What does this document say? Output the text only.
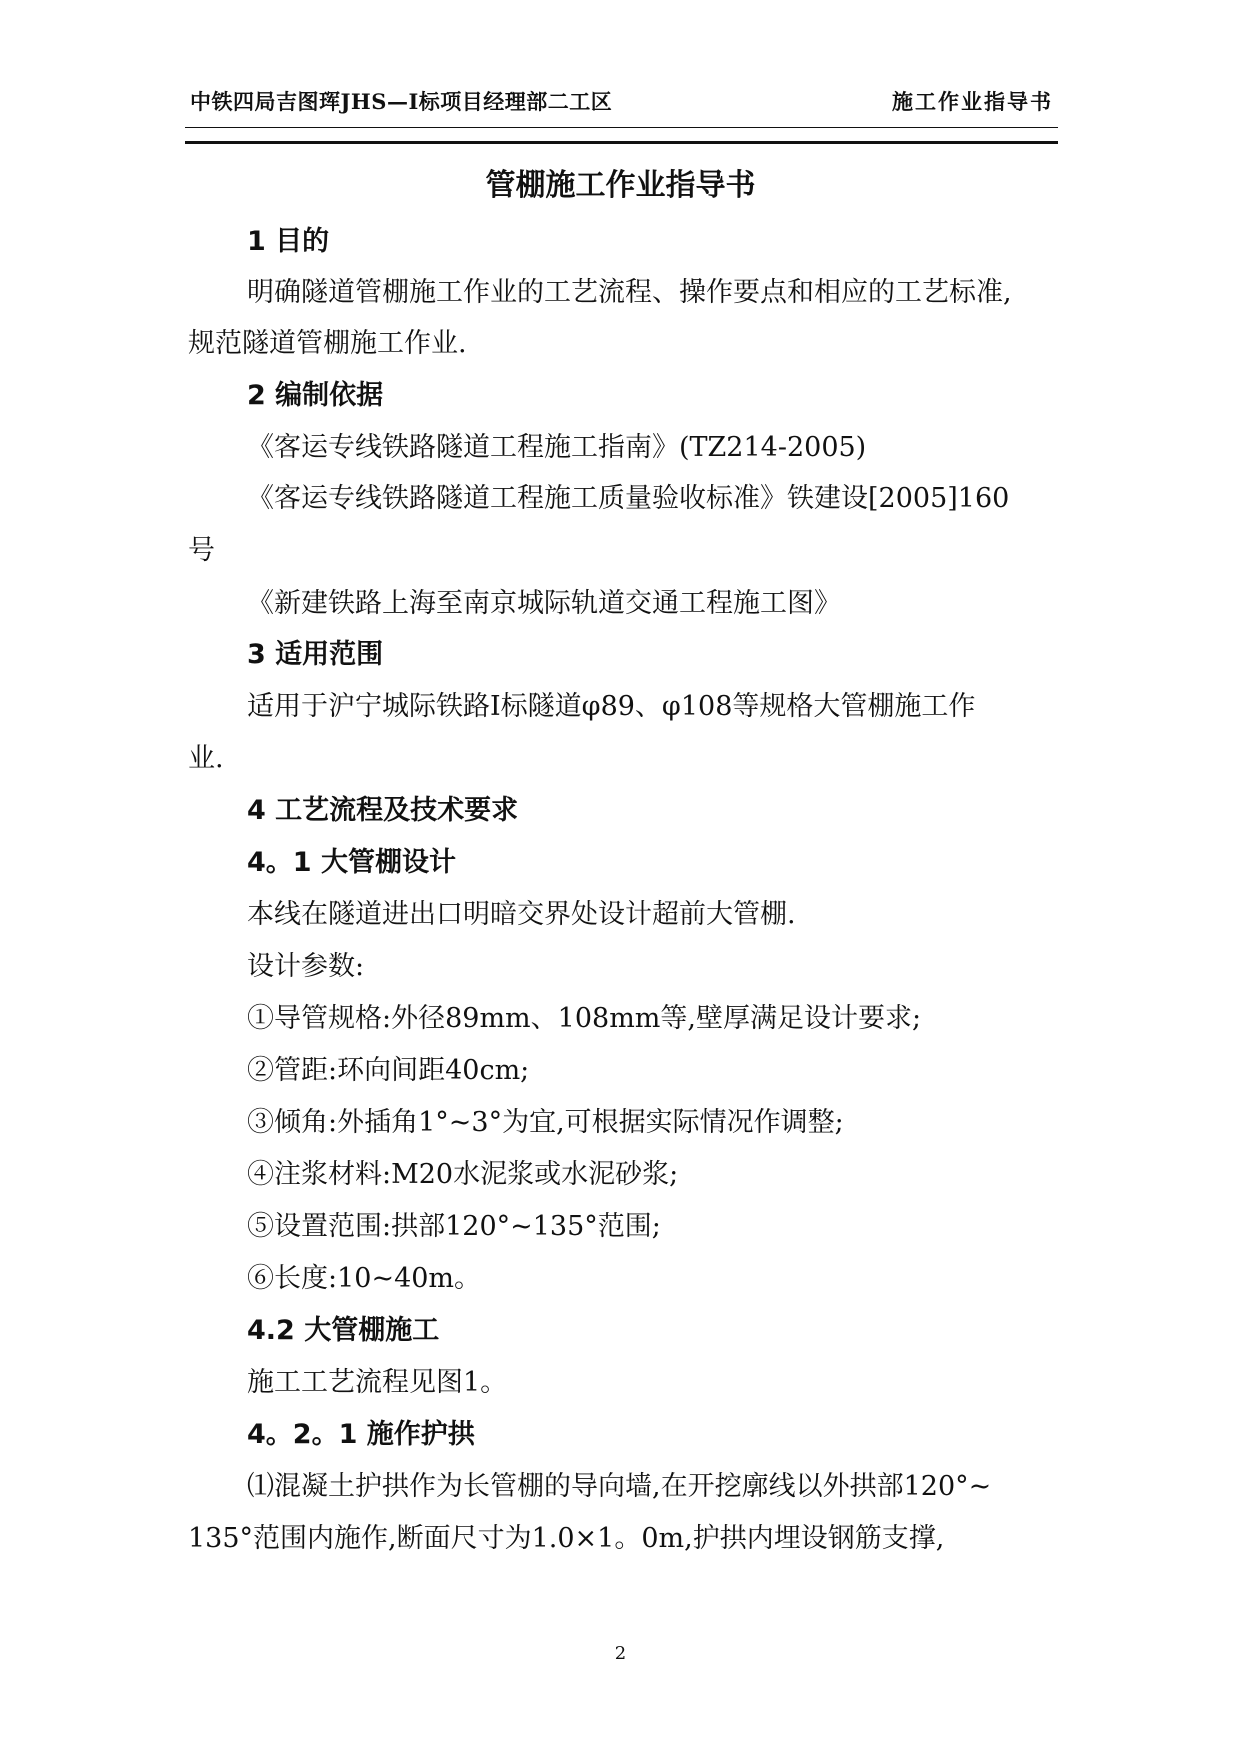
中铁四局吉图珲JHS—I标项目经理部二工区	施工作业指导书
管棚施工作业指导书
1 目的
明确隧道管棚施工作业的工艺流程、操作要点和相应的工艺标准,
规范隧道管棚施工作业.
2 编制依据
《客运专线铁路隧道工程施工指南》(TZ214-2005)
《客运专线铁路隧道工程施工质量验收标准》铁建设[2005]160
号
《新建铁路上海至南京城际轨道交通工程施工图》
3 适用范围
适用于沪宁城际铁路Ⅰ标隧道φ89、φ108等规格大管棚施工作
业.
4 工艺流程及技术要求
4。1 大管棚设计
本线在隧道进出口明暗交界处设计超前大管棚.
设计参数:
①导管规格:外径89mm、108mm等,壁厚满足设计要求;
②管距:环向间距40cm;
③倾角:外插角1°~3°为宜,可根据实际情况作调整;
④注浆材料:M20水泥浆或水泥砂浆;
⑤设置范围:拱部120°~135°范围;
⑥长度:10~40m。
4.2 大管棚施工
施工工艺流程见图1。
4。2。1 施作护拱
⑴混凝土护拱作为长管棚的导向墙,在开挖廓线以外拱部120°~
135°范围内施作,断面尺寸为1.0×1。0m,护拱内埋设钢筋支撑,
2
